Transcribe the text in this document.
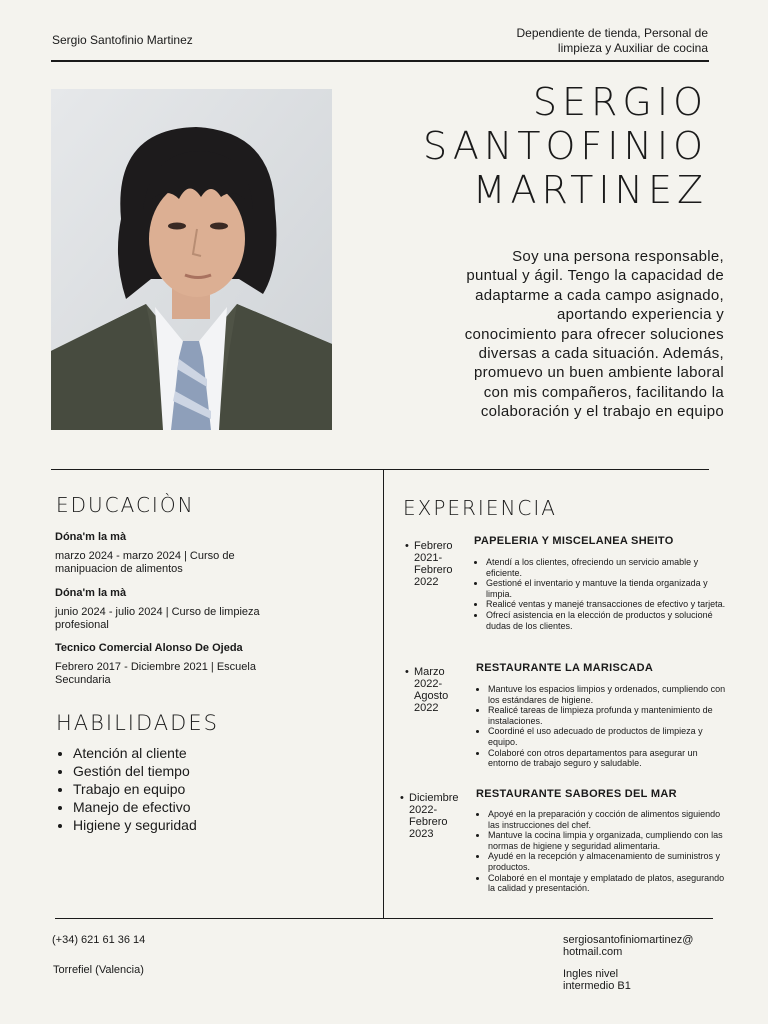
Sergio Santofinio Martinez	Dependiente de tienda, Personal de
limpieza y Auxiliar de cocina
SERGIO
SANTOFINIO
MARTINEZ
Soy una persona responsable,
puntual y ágil. Tengo la capacidad de
adaptarme a cada campo asignado,
aportando experiencia y
conocimiento para ofrecer soluciones
diversas a cada situación. Además,
promuevo un buen ambiente laboral
con mis compañeros, facilitando la
colaboración y el trabajo en equipo
EDUCACIÒN
Dóna'm la mà
marzo 2024 - marzo 2024 | Curso de
manipuacion de alimentos
Dóna'm la mà
junio 2024 - julio 2024 | Curso de limpieza
profesional
Tecnico Comercial Alonso De Ojeda
Febrero 2017 - Diciembre 2021 | Escuela
Secundaria
HABILIDADES
• Atención al cliente
• Gestión del tiempo
• Trabajo en equipo
• Manejo de efectivo
• Higiene y seguridad
EXPERIENCIA
• Febrero
2021-
Febrero
2022
PAPELERIA Y MISCELANEA SHEITO
• Atendí a los clientes, ofreciendo un servicio amable y eficiente.
• Gestioné el inventario y mantuve la tienda organizada y limpia.
• Realicé ventas y manejé transacciones de efectivo y tarjeta.
• Ofrecí asistencia en la elección de productos y solucioné dudas de los clientes.
• Marzo
2022-
Agosto
2022
RESTAURANTE LA MARISCADA
• Mantuve los espacios limpios y ordenados, cumpliendo con los estándares de higiene.
• Realicé tareas de limpieza profunda y mantenimiento de instalaciones.
• Coordiné el uso adecuado de productos de limpieza y equipo.
• Colaboré con otros departamentos para asegurar un entorno de trabajo seguro y saludable.
• Diciembre
2022-
Febrero
2023
RESTAURANTE SABORES DEL MAR
• Apoyé en la preparación y cocción de alimentos siguiendo las instrucciones del chef.
• Mantuve la cocina limpia y organizada, cumpliendo con las normas de higiene y seguridad alimentaria.
• Ayudé en la recepción y almacenamiento de suministros y productos.
• Colaboré en el montaje y emplatado de platos, asegurando la calidad y presentación.
(+34) 621 61 36 14
Torrefiel (Valencia)
sergiosantofiniomartinez@
hotmail.com
Ingles nivel
intermedio B1
